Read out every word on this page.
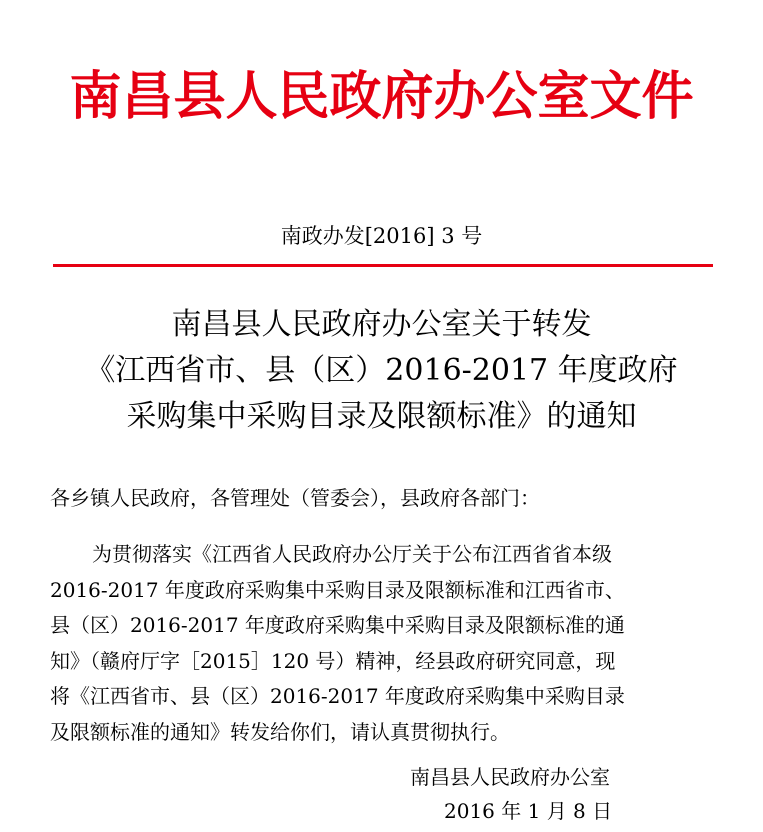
南昌县人民政府办公室文件
南政办发[2016] 3 号
南昌县人民政府办公室关于转发
《江西省市、县（区）2016-2017 年度政府
采购集中采购目录及限额标准》的通知
各乡镇人民政府，各管理处（管委会），县政府各部门：
为贯彻落实《江西省人民政府办公厅关于公布江西省省本级
2016-2017 年度政府采购集中采购目录及限额标准和江西省市、
县（区）2016-2017 年度政府采购集中采购目录及限额标准的通
知》（赣府厅字［2015］120 号）精神，经县政府研究同意，现
将《江西省市、县（区）2016-2017 年度政府采购集中采购目录
及限额标准的通知》转发给你们，请认真贯彻执行。
南昌县人民政府办公室
2016 年 1 月 8 日
